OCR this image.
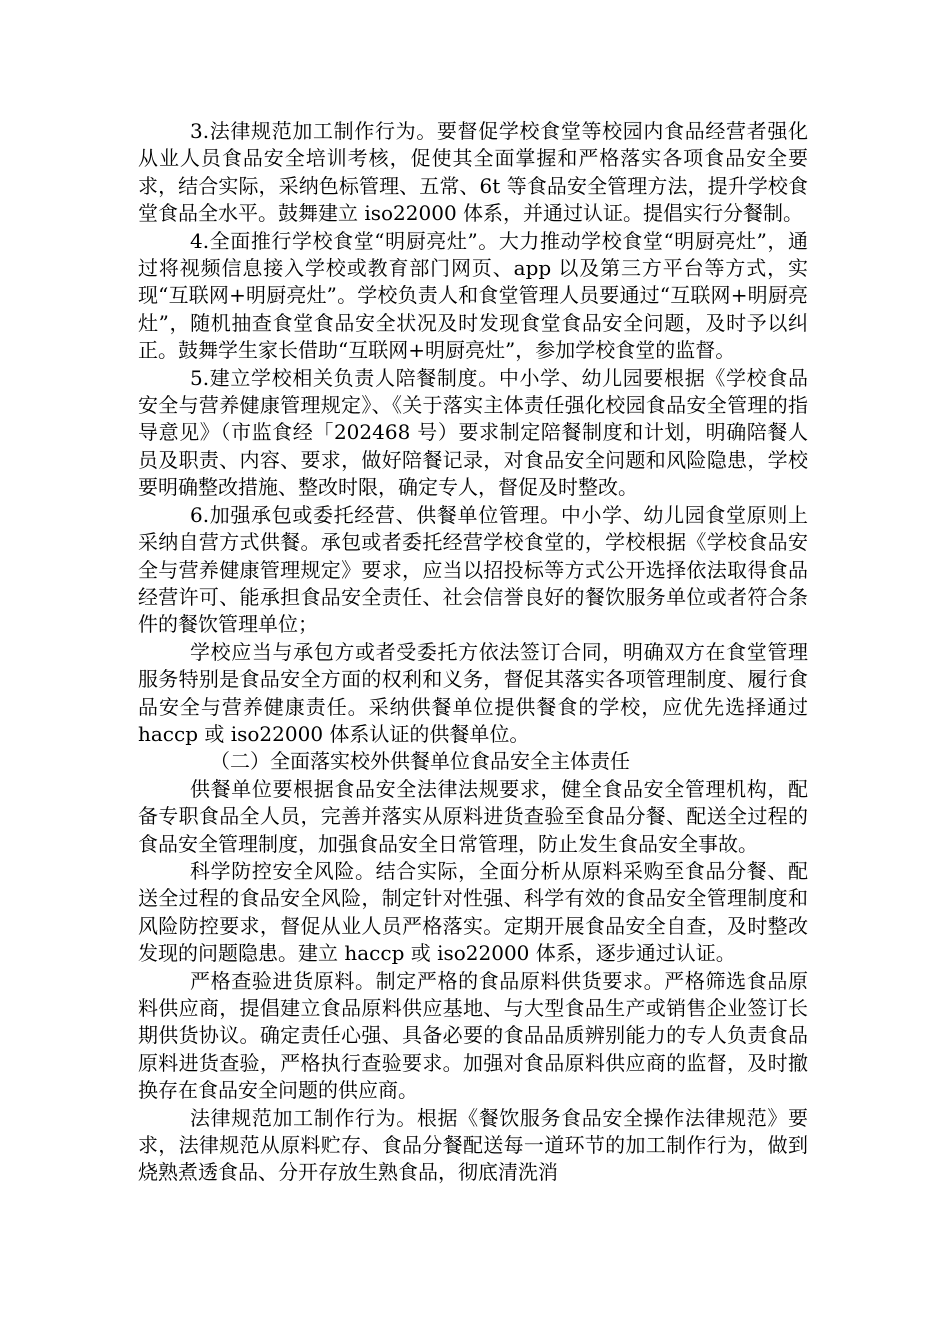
3.法律规范加工制作行为。要督促学校食堂等校园内食品经营者强化从业人员食品安全培训考核，促使其全面掌握和严格落实各项食品安全要求，结合实际，采纳色标管理、五常、6t 等食品安全管理方法，提升学校食堂食品全水平。鼓舞建立 iso22000 体系，并通过认证。提倡实行分餐制。

4.全面推行学校食堂“明厨亮灶”。大力推动学校食堂“明厨亮灶”，通过将视频信息接入学校或教育部门网页、app 以及第三方平台等方式，实现“互联网+明厨亮灶”。学校负责人和食堂管理人员要通过“互联网+明厨亮灶”，随机抽查食堂食品安全状况及时发现食堂食品安全问题，及时予以纠正。鼓舞学生家长借助“互联网+明厨亮灶”，参加学校食堂的监督。

5.建立学校相关负责人陪餐制度。中小学、幼儿园要根据《学校食品安全与营养健康管理规定》、《关于落实主体责任强化校园食品安全管理的指导意见》（市监食经「202468 号）要求制定陪餐制度和计划，明确陪餐人员及职责、内容、要求，做好陪餐记录，对食品安全问题和风险隐患，学校要明确整改措施、整改时限，确定专人，督促及时整改。

6.加强承包或委托经营、供餐单位管理。中小学、幼儿园食堂原则上采纳自营方式供餐。承包或者委托经营学校食堂的，学校根据《学校食品安全与营养健康管理规定》要求，应当以招投标等方式公开选择依法取得食品经营许可、能承担食品安全责任、社会信誉良好的餐饮服务单位或者符合条件的餐饮管理单位；

学校应当与承包方或者受委托方依法签订合同，明确双方在食堂管理服务特别是食品安全方面的权利和义务，督促其落实各项管理制度、履行食品安全与营养健康责任。采纳供餐单位提供餐食的学校，应优先选择通过 haccp 或 iso22000 体系认证的供餐单位。

（二）全面落实校外供餐单位食品安全主体责任

供餐单位要根据食品安全法律法规要求，健全食品安全管理机构，配备专职食品全人员，完善并落实从原料进货查验至食品分餐、配送全过程的食品安全管理制度，加强食品安全日常管理，防止发生食品安全事故。

科学防控安全风险。结合实际，全面分析从原料采购至食品分餐、配送全过程的食品安全风险，制定针对性强、科学有效的食品安全管理制度和风险防控要求，督促从业人员严格落实。定期开展食品安全自查，及时整改发现的问题隐患。建立 haccp 或 iso22000 体系，逐步通过认证。

严格查验进货原料。制定严格的食品原料供货要求。严格筛选食品原料供应商，提倡建立食品原料供应基地、与大型食品生产或销售企业签订长期供货协议。确定责任心强、具备必要的食品品质辨别能力的专人负责食品原料进货查验，严格执行查验要求。加强对食品原料供应商的监督，及时撤换存在食品安全问题的供应商。

法律规范加工制作行为。根据《餐饮服务食品安全操作法律规范》要求，法律规范从原料贮存、食品分餐配送每一道环节的加工制作行为，做到烧熟煮透食品、分开存放生熟食品，彻底清洗消
